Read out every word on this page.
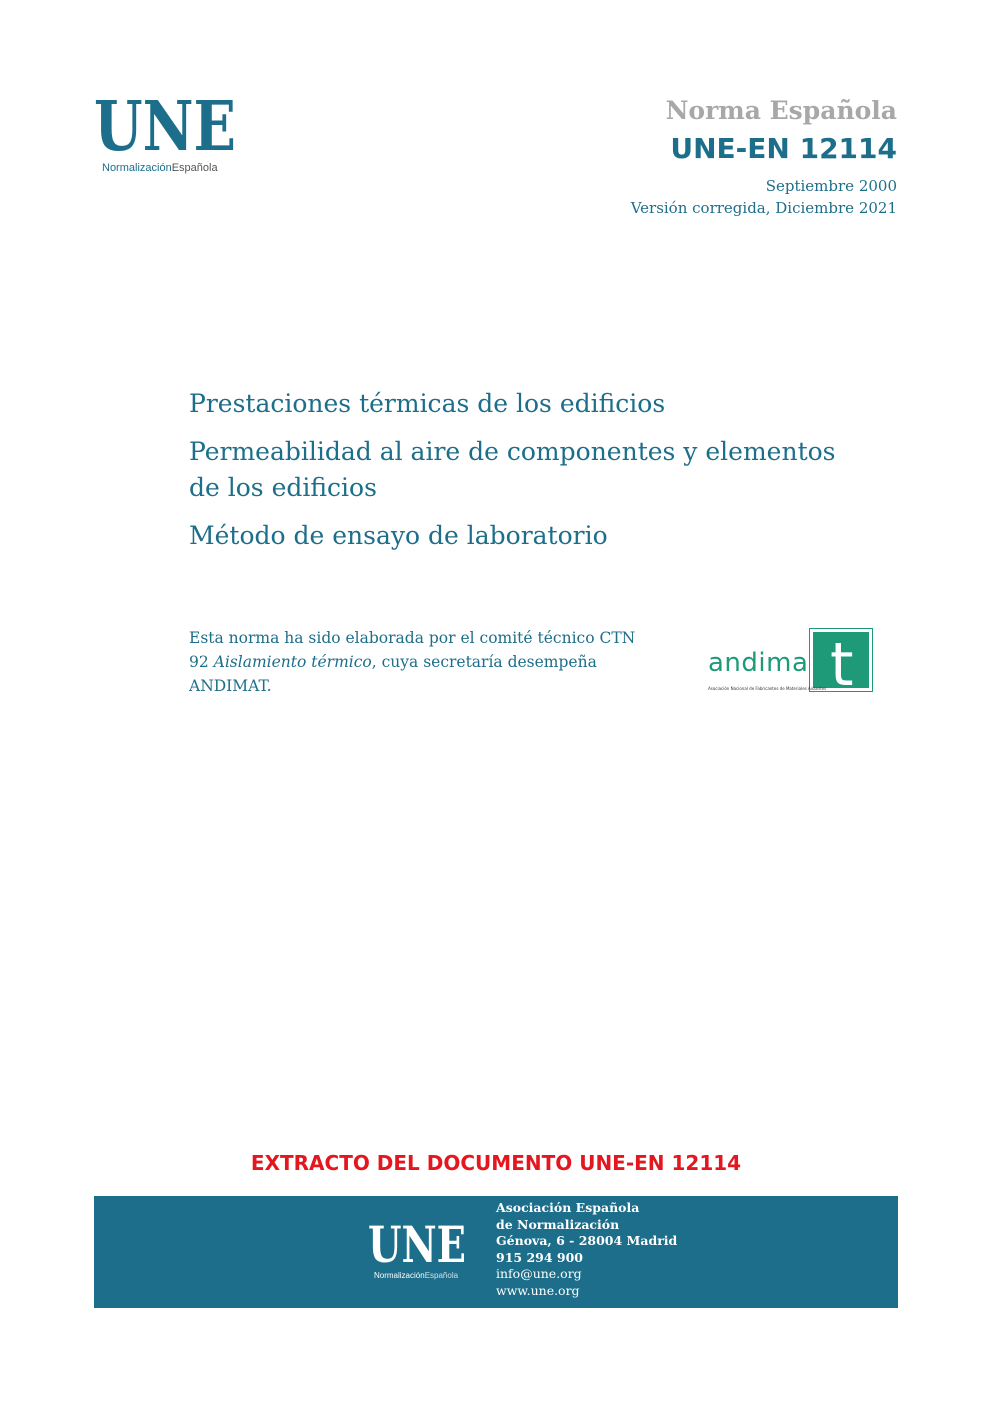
UNE
NormalizaciónEspañola
Norma Española
UNE-EN 12114
Septiembre 2000
Versión corregida, Diciembre 2021
Prestaciones térmicas de los edificios
Permeabilidad al aire de componentes y elementos de los edificios
Método de ensayo de laboratorio
Esta norma ha sido elaborada por el comité técnico CTN 92 Aislamiento térmico, cuya secretaría desempeña ANDIMAT.
andima t
Asociación Nacional de Fabricantes de Materiales Aislantes
EXTRACTO DEL DOCUMENTO UNE-EN 12114
UNE
NormalizaciónEspañola
Asociación Española
de Normalización
Génova, 6 - 28004 Madrid
915 294 900
info@une.org
www.une.org
